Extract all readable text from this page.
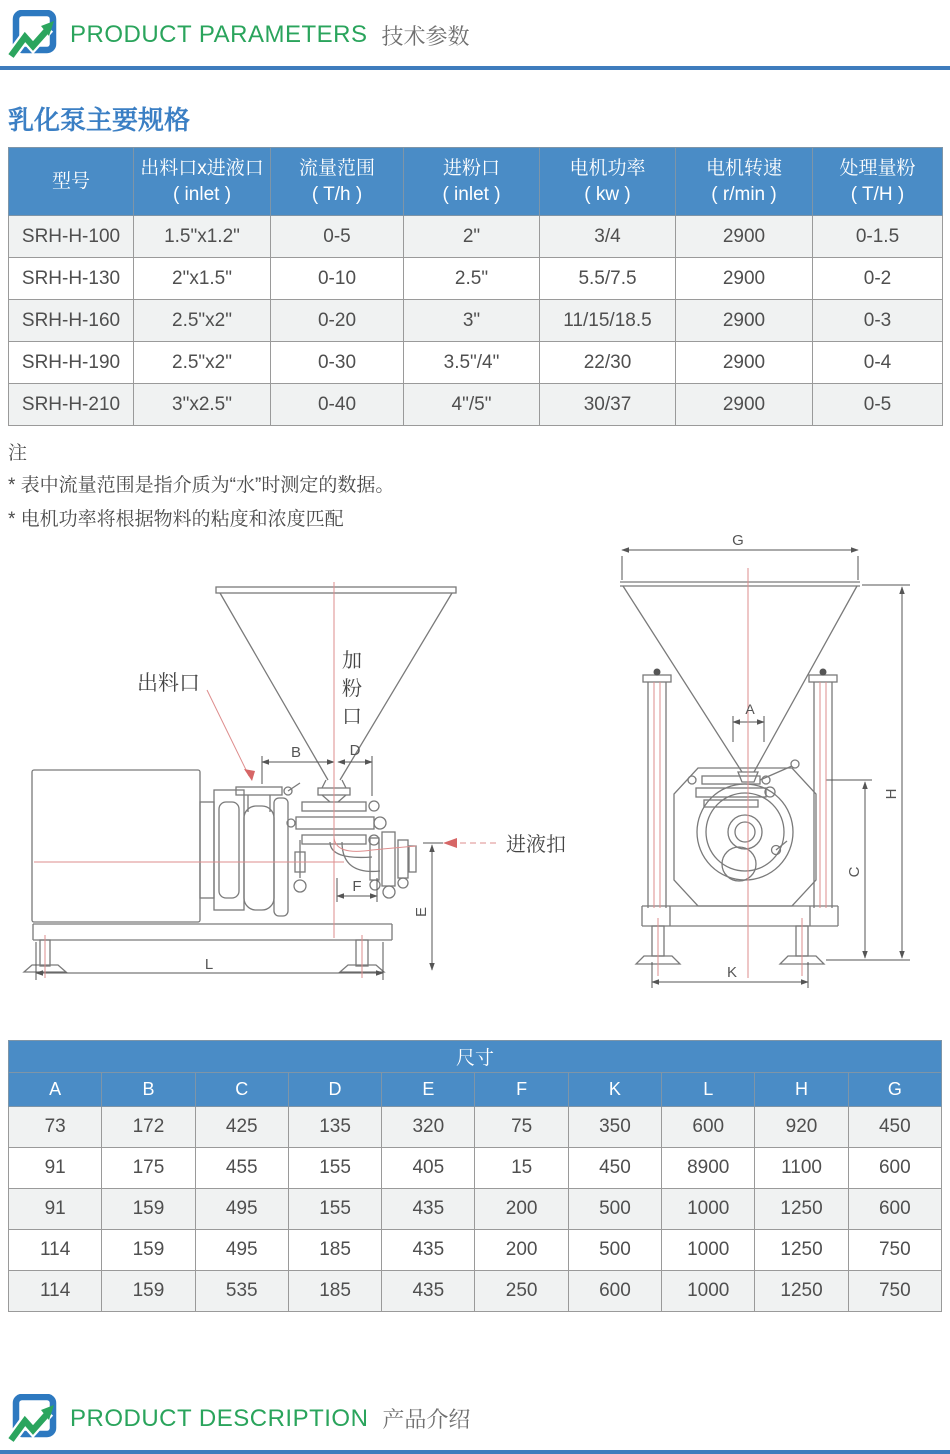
PRODUCT PARAMETERS 技术参数
乳化泵主要规格
型号

出料口x进液口
( inlet )

流量范围
( T/h )

进粉口
( inlet )

电机功率
( kw )

电机转速
( r/min )

处理量粉
( T/H )

SRH-H-100	1.5"x1.2"	0-5	2"	3/4	2900	0-1.5
SRH-H-130	2"x1.5"	0-10	2.5"	5.5/7.5	2900	0-2
SRH-H-160	2.5"x2"	0-20	3"	11/15/18.5	2900	0-3
SRH-H-190	2.5"x2"	0-30	3.5"/4"	22/30	2900	0-4
SRH-H-210	3"x2.5"	0-40	4"/5"	30/37	2900	0-5
注
* 表中流量范围是指介质为“水”时测定的数据。
* 电机功率将根据物料的粘度和浓度匹配
出料口
加
粉
口
进液扣
B	D
F
E
L
G
A
C
H
K
尺寸									
A	B	C	D	E	F	K	L	H	G
73	172	425	135	320	75	350	600	920	450
91	175	455	155	405	15	450	8900	1100	600
91	159	495	155	435	200	500	1000	1250	600
114	159	495	185	435	200	500	1000	1250	750
114	159	535	185	435	250	600	1000	1250	750
PRODUCT DESCRIPTION 产品介绍
